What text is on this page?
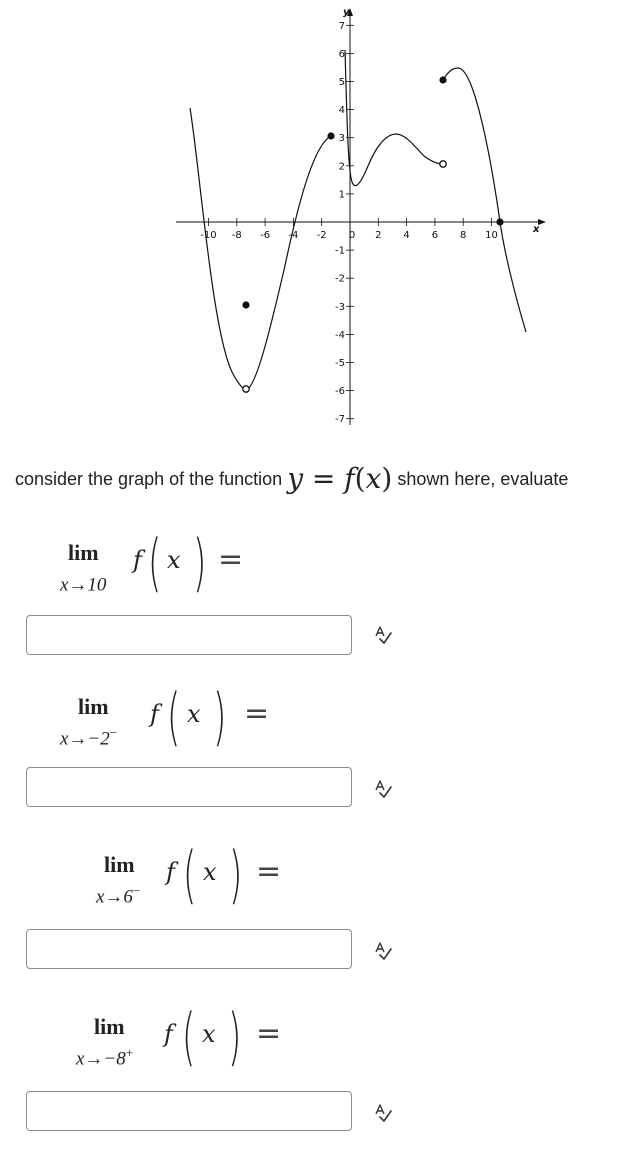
x
y
-10 -8 -6 -4 -2 0 2 4 6 8 10
7
6
5
4
3
2
1
-1
-2
-3
-4
-5
-6
-7
consider the graph of the function y = f(x) shown here, evaluate
lim
x→10
f ( x ) =
lim
x→−2−
f ( x ) =
lim
x→6−
f ( x ) =
lim
x→−8+
f ( x ) =
